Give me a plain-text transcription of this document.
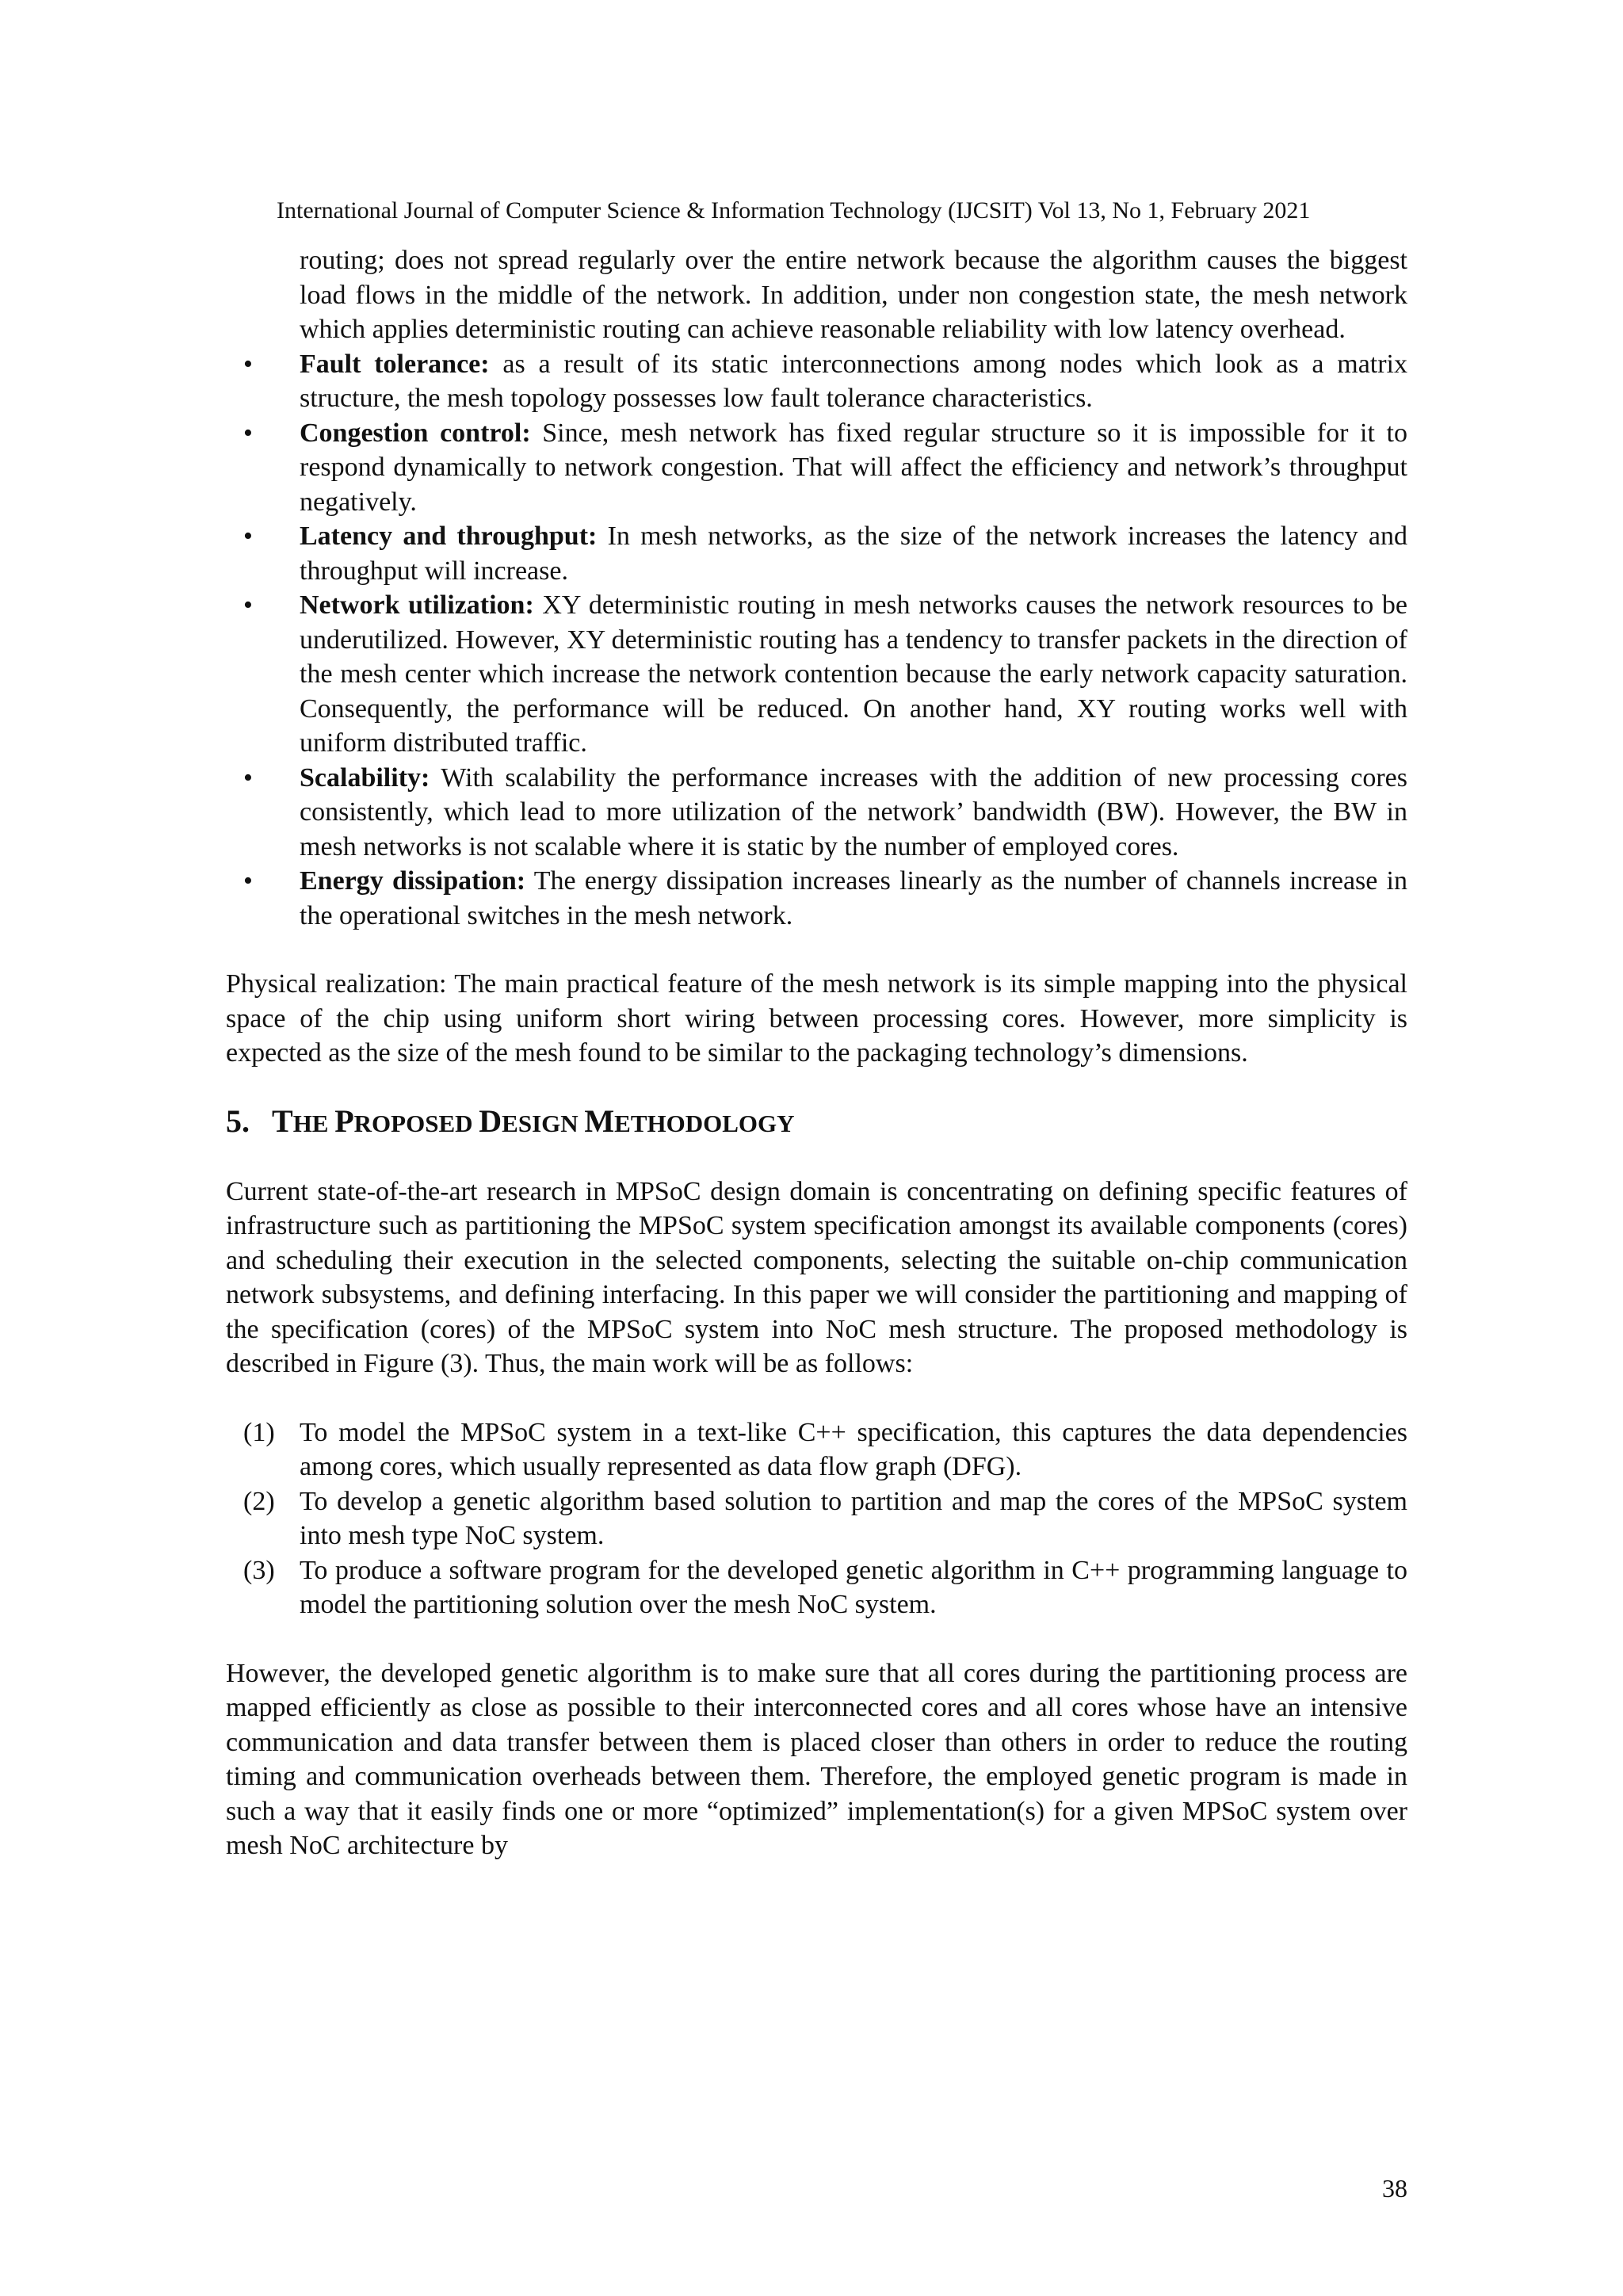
International Journal of Computer Science & Information Technology (IJCSIT) Vol 13, No 1, February 2021

routing; does not spread regularly over the entire network because the algorithm causes the biggest load flows in the middle of the network. In addition, under non congestion state, the mesh network which applies deterministic routing can achieve reasonable reliability with low latency overhead.

• Fault tolerance: as a result of its static interconnections among nodes which look as a matrix structure, the mesh topology possesses low fault tolerance characteristics.
• Congestion control: Since, mesh network has fixed regular structure so it is impossible for it to respond dynamically to network congestion. That will affect the efficiency and network’s throughput negatively.
• Latency and throughput: In mesh networks, as the size of the network increases the latency and throughput will increase.
• Network utilization: XY deterministic routing in mesh networks causes the network resources to be underutilized. However, XY deterministic routing has a tendency to transfer packets in the direction of the mesh center which increase the network contention because the early network capacity saturation. Consequently, the performance will be reduced. On another hand, XY routing works well with uniform distributed traffic.
• Scalability: With scalability the performance increases with the addition of new processing cores consistently, which lead to more utilization of the network’ bandwidth (BW). However, the BW in mesh networks is not scalable where it is static by the number of employed cores.
• Energy dissipation: The energy dissipation increases linearly as the number of channels increase in the operational switches in the mesh network.

Physical realization: The main practical feature of the mesh network is its simple mapping into the physical space of the chip using uniform short wiring between processing cores. However, more simplicity is expected as the size of the mesh found to be similar to the packaging technology’s dimensions.

5. THE PROPOSED DESIGN METHODOLOGY

Current state-of-the-art research in MPSoC design domain is concentrating on defining specific features of infrastructure such as partitioning the MPSoC system specification amongst its available components (cores) and scheduling their execution in the selected components, selecting the suitable on-chip communication network subsystems, and defining interfacing. In this paper we will consider the partitioning and mapping of the specification (cores) of the MPSoC system into NoC mesh structure. The proposed methodology is described in Figure (3). Thus, the main work will be as follows:

(1) To model the MPSoC system in a text-like C++ specification, this captures the data dependencies among cores, which usually represented as data flow graph (DFG).
(2) To develop a genetic algorithm based solution to partition and map the cores of the MPSoC system into mesh type NoC system.
(3) To produce a software program for the developed genetic algorithm in C++ programming language to model the partitioning solution over the mesh NoC system.

However, the developed genetic algorithm is to make sure that all cores during the partitioning process are mapped efficiently as close as possible to their interconnected cores and all cores whose have an intensive communication and data transfer between them is placed closer than others in order to reduce the routing timing and communication overheads between them. Therefore, the employed genetic program is made in such a way that it easily finds one or more “optimized” implementation(s) for a given MPSoC system over mesh NoC architecture by

38
